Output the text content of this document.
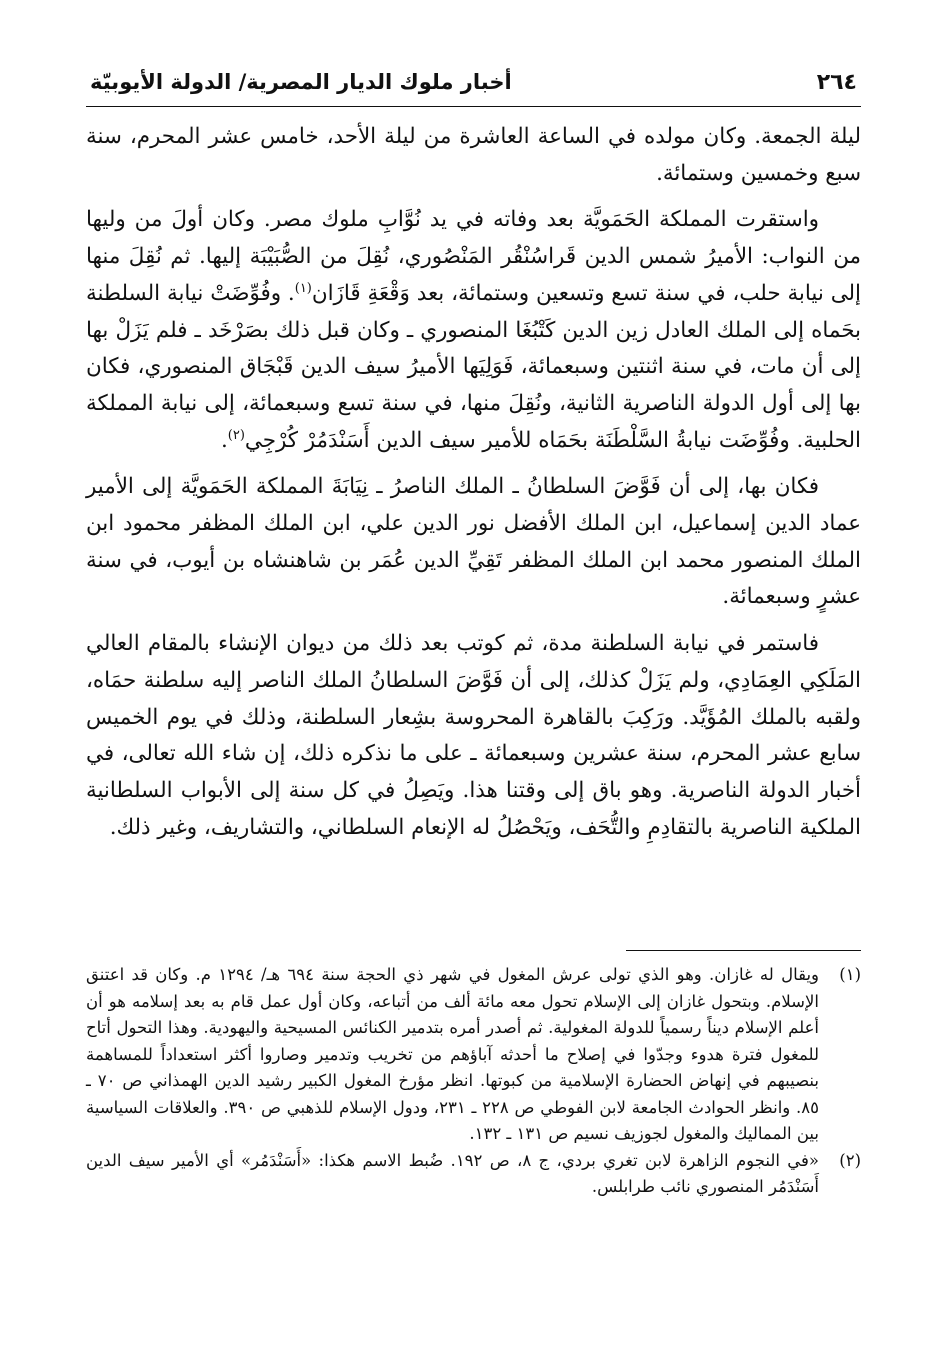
٢٦٤
أخبار ملوك الديار المصرية/ الدولة الأيوبيّة

ليلة الجمعة. وكان مولده في الساعة العاشرة من ليلة الأحد، خامس عشر المحرم، سنة سبع وخمسين وستمائة.

واستقرت المملكة الحَمَويَّة بعد وفاته في يد نُوَّابِ ملوك مصر. وكان أولَ من وليها من النواب: الأميرُ شمس الدين قَراسُنْقُر المَنْصُوري، نُقِلَ من الصُّبَيْبَة إليها. ثم نُقِلَ منها إلى نيابة حلب، في سنة تسع وتسعين وستمائة، بعد وَقْعَةِ قَازَان$^{(١)}$. وفُوِّضَتْ نيابة السلطنة بحَماه إلى الملك العادل زين الدين كَتْبُغَا المنصوري ـ وكان قبل ذلك بصَرْخَد ـ فلم يَزَلْ بها إلى أن مات، في سنة اثنتين وسبعمائة، فَوَلِيَها الأميرُ سيف الدين قَبْجَاق المنصوري، فكان بها إلى أول الدولة الناصرية الثانية، ونُقِلَ منها، في سنة تسع وسبعمائة، إلى نيابة المملكة الحلبية. وفُوِّضَت نيابةُ السَّلْطَنَة بحَمَاه للأمير سيف الدين أَسَنْدَمُرْ كُرْجِي$^{(٢)}$.

فكان بها، إلى أن فَوَّضَ السلطانُ ـ الملك الناصرُ ـ نِيَابَةَ المملكة الحَمَويَّة إلى الأمير عماد الدين إسماعيل، ابن الملك الأفضل نور الدين علي، ابن الملك المظفر محمود ابن الملك المنصور محمد ابن الملك المظفر تَقِيِّ الدين عُمَر بن شاهنشاه بن أيوب، في سنة عشرٍ وسبعمائة.

فاستمر في نيابة السلطنة مدة، ثم كوتب بعد ذلك من ديوان الإنشاء بالمقام العالي المَلَكِي العِمَادِي، ولم يَزَلْ كذلك، إلى أن فَوَّضَ السلطانُ الملك الناصر إليه سلطنة حمَاه، ولقبه بالملك المُؤَيَّد. ورَكِبَ بالقاهرة المحروسة بشِعار السلطنة، وذلك في يوم الخميس سابع عشر المحرم، سنة عشرين وسبعمائة ـ على ما نذكره ذلك، إن شاء الله تعالى، في أخبار الدولة الناصرية. وهو باق إلى وقتنا هذا. ويَصِلُ في كل سنة إلى الأبواب السلطانية الملكية الناصرية بالتقادِمِ والتُّحَف، ويَحْصُلُ له الإنعام السلطاني، والتشاريف، وغير ذلك.

(١)
ويقال له غازان. وهو الذي تولى عرش المغول في شهر ذي الحجة سنة ٦٩٤ هـ/ ١٢٩٤ م. وكان قد اعتنق الإسلام. وبتحول غازان إلى الإسلام تحول معه مائة ألف من أتباعه، وكان أول عمل قام به بعد إسلامه هو أن أعلم الإسلام ديناً رسمياً للدولة المغولية. ثم أصدر أمره بتدمير الكنائس المسيحية واليهودية. وهذا التحول أتاح للمغول فترة هدوء وجدّوا في إصلاح ما أحدثه آباؤهم من تخريب وتدمير وصاروا أكثر استعداداً للمساهمة بنصيبهم في إنهاض الحضارة الإسلامية من كبوتها. انظر مؤرخ المغول الكبير رشيد الدين الهمذاني ص ٧٠ ـ ٨٥. وانظر الحوادث الجامعة لابن الفوطي ص ٢٢٨ ـ ٢٣١، ودول الإسلام للذهبي ص ٣٩٠. والعلاقات السياسية بين المماليك والمغول لجوزيف نسيم ص ١٣١ ـ ١٣٢.
(٢)
«في النجوم الزاهرة لابن تغري بردي، ج ٨، ص ١٩٢. ضُبط الاسم هكذا: «أَسَنْدَمُر» أي الأمير سيف الدين أَسَنْدَمُر المنصوري نائب طرابلس.
